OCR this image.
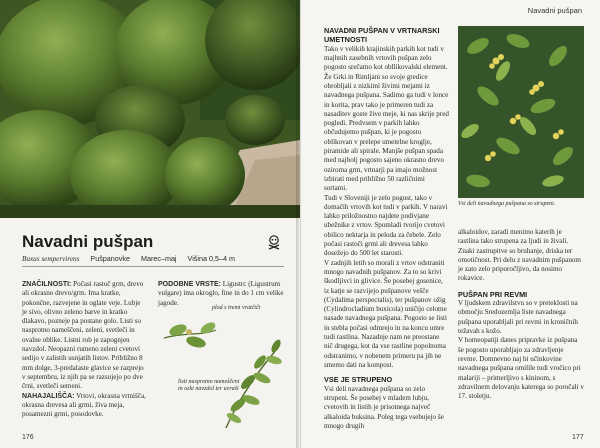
Navadni pušpan
Buxus sempervirens Pušpanovke Marec–maj Višina 0,5–4 m

ZNAČILNOSTI: Počasi rastoč grm, drevo ali okrasno drevo/grm. Ima kratke, pokončne, razvejene in oglate veje. Lubje je sivo, olivno zeleno barve in kratko dlakavo, pozneje pa postane golo. Listi so nasprotno nameščeni, zeleni, svetleči in ovalne oblike. Listni rob je zapognjen navzdol. Neopazni rumeno zeleni cvetovi sedijo v zalistih usnjatih listov. Približno 8 mm dolge, 3-predalaste glavice se razprejo v septembru, iz njih pa se razsujejo po dve črni, svetleči semeni.

NAHAJALIŠČA: Vrtovi, okrasna vrtnišča, okrasna drevesa ali grmi, živa meja, posamezni grmi, posodovke.

PODOBNE VRSTE: Ligustrc (Ligustrum vulgare) ima okroglo, fine in do 1 cm velike jagode.

plod s tremi vratčiči
listi nasprotno nameščeni in ozki navzdol ter uvraši
176
Navadni pušpan

NAVADNI PUŠPAN V VRTNARSKI UMETNOSTI

Tako v velikih krajinskih parkih kot tudi v majhnih zasebnih vrtovih pušpan zelo pogosto srečamo kot obllikovalski element. Že Grki in Rimljani so svoje gredice obrobljali z nizkimi živimi mejami iz navadnega pušpana. Sadimo ga tudi v lonce in korita, prav tako je primeren tudi za nasaditev goste žive meje, ki nas skrije pred pogledi. Predvsem v parkih lahko občudujemo pušpan, ki je pogosto oblikovan v prelepe umetelne kroglje, piramide ali spirale. Manjše pušpan spada med najbolj pogosto sajeno okrasno drevo oziroma grm, vrtnarji pa imajo možnost izbirati med približno 50 različnimi sortami.

Tudi v Sloveniji je zelo pogost, tako v domačih vrtovih kot tudi v parkih. V naravi lahko priložnostno najdete podivjane ubežnike z vrtov. Spomladi tvorijo cvetovi obilico nektarja in peloda za čebele. Zelo počasi rastoči grmi ali drevesa lahko dosežejo do 500 let starosti.

V zadnjih letih so morali z vrtov odstraniti mnogo navadnih pušpanov. Za to so krivi škodljivci in glivice. Še posebej gosenice, iz katje se razvijejo pušpanove vešče (Cydalima perspectalis), ter pušpanov ožig (Cylindrocladium buxicola) uničijo celotne nasade navadnega pušpana. Pogosto se listi in stebla počasi odmrejo in na koncu umre tudi rastlina. Nazadnje nam ne preostane nič drugega, kot da vse rastline popolnoma odstranimo, v nobenem primeru pa jih ne smemo dati na kompost.

VSE JE STRUPENO

Vsi deli navadnega pušpana so zelo strupeni. Še posebej v mladem lubju, cvetovih in listih je prisotnega največ alkaloida buksina. Poleg tega vsebujejo še mnogo drugih

Vsi deli navadnega pušpana so strupeni.

alkaloidov, zaradi menimo katerih je rastlina tako strupena za ljudi in živali. Znaki zastrupitve so bruhanje, driska ter omotičnost. Pri delu z navadnim pušpanom je zato zelo priporočljivo, da nosimo rokavice.

PUŠPAN PRI REVMI

V ljudskem zdravilstvu so v preteklosti na območju Sredozemlja liste navadnega pušpana uporabljali pri revmi in kroničnih težavah s kožo.

V homeopatiji danes pripravke iz pušpana še pogosto uporabljajo za zdravljenje revme. Domnevno naj bi učinkovine navadnega pušpana omilile tudi vročico pri malariji – primerljivo s kininom, s zdravilnem delovanju katerega so poročali v 17. stoletju.

177
